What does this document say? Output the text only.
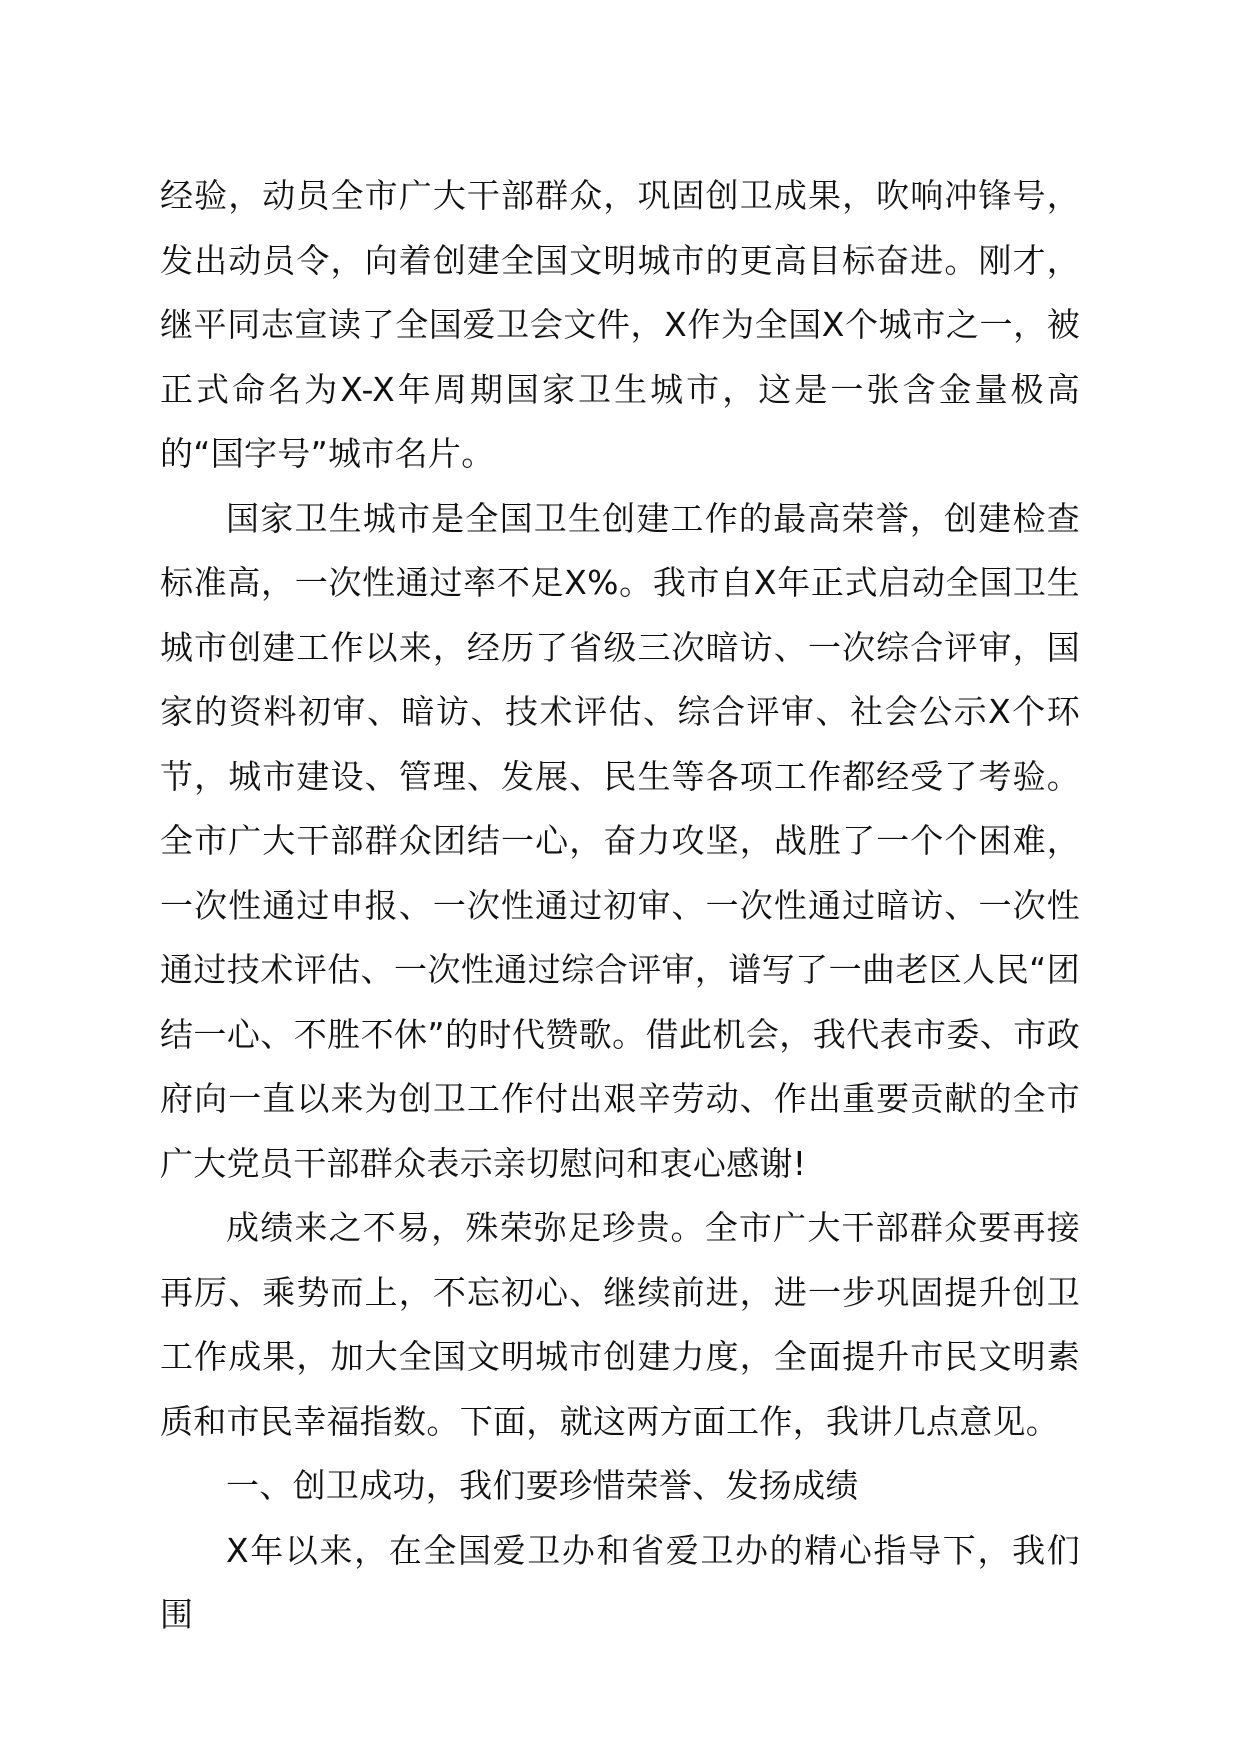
经验，动员全市广大干部群众，巩固创卫成果，吹响冲锋号，发出动员令，向着创建全国文明城市的更高目标奋进。刚才，继平同志宣读了全国爱卫会文件，X作为全国X个城市之一，被正式命名为X-X年周期国家卫生城市，这是一张含金量极高的“国字号”城市名片。

国家卫生城市是全国卫生创建工作的最高荣誉，创建检查标准高，一次性通过率不足X%。我市自X年正式启动全国卫生城市创建工作以来，经历了省级三次暗访、一次综合评审，国家的资料初审、暗访、技术评估、综合评审、社会公示X个环节，城市建设、管理、发展、民生等各项工作都经受了考验。全市广大干部群众团结一心，奋力攻坚，战胜了一个个困难，一次性通过申报、一次性通过初审、一次性通过暗访、一次性通过技术评估、一次性通过综合评审，谱写了一曲老区人民“团结一心、不胜不休”的时代赞歌。借此机会，我代表市委、市政府向一直以来为创卫工作付出艰辛劳动、作出重要贡献的全市广大党员干部群众表示亲切慰问和衷心感谢!

成绩来之不易，殊荣弥足珍贵。全市广大干部群众要再接再厉、乘势而上，不忘初心、继续前进，进一步巩固提升创卫工作成果，加大全国文明城市创建力度，全面提升市民文明素质和市民幸福指数。下面，就这两方面工作，我讲几点意见。

一、创卫成功，我们要珍惜荣誉、发扬成绩

X年以来，在全国爱卫办和省爱卫办的精心指导下，我们围
